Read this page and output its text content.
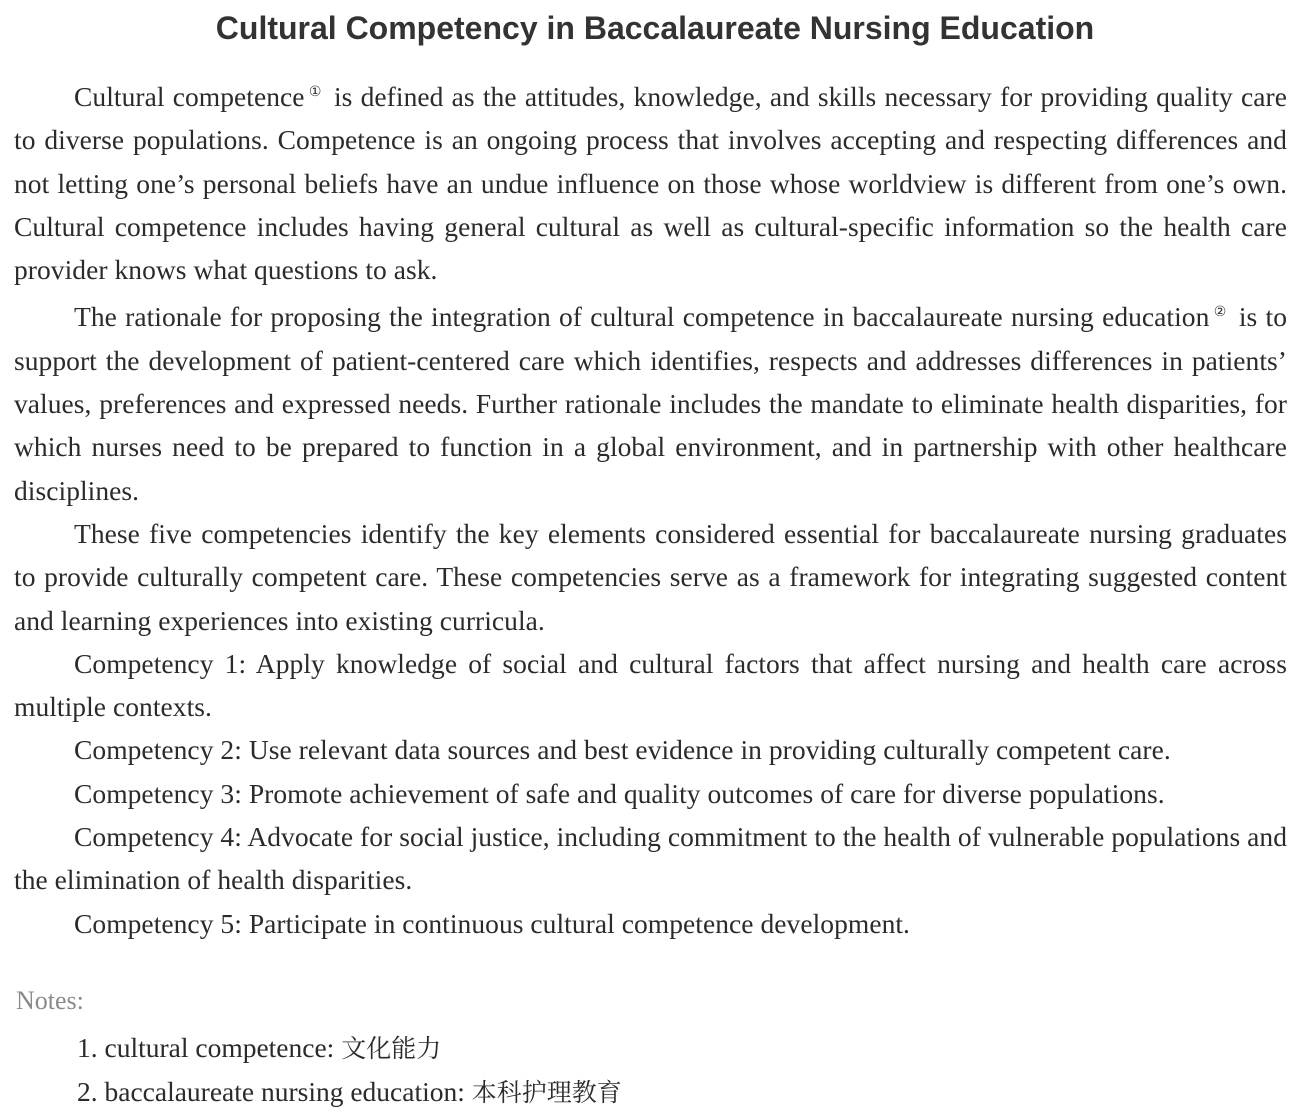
Cultural Competency in Baccalaureate Nursing Education

Cultural competence ① is defined as the attitudes, knowledge, and skills necessary for providing quality care to diverse populations. Competence is an ongoing process that involves accepting and respecting differences and not letting one’s personal beliefs have an undue influence on those whose worldview is different from one’s own. Cultural competence includes having general cultural as well as cultural-specific information so the health care provider knows what questions to ask.

The rationale for proposing the integration of cultural competence in baccalaureate nursing education ② is to support the development of patient-centered care which identifies, respects and addresses differences in patients’ values, preferences and expressed needs. Further rationale includes the mandate to eliminate health disparities, for which nurses need to be prepared to function in a global environment, and in partnership with other healthcare disciplines.

These five competencies identify the key elements considered essential for baccalaureate nursing graduates to provide culturally competent care. These competencies serve as a framework for integrating suggested content and learning experiences into existing curricula.

Competency 1: Apply knowledge of social and cultural factors that affect nursing and health care across multiple contexts.

Competency 2: Use relevant data sources and best evidence in providing culturally competent care.

Competency 3: Promote achievement of safe and quality outcomes of care for diverse populations.

Competency 4: Advocate for social justice, including commitment to the health of vulnerable populations and the elimination of health disparities.

Competency 5: Participate in continuous cultural competence development.

Notes:

1. cultural competence: 文化能力
2. baccalaureate nursing education: 本科护理教育
